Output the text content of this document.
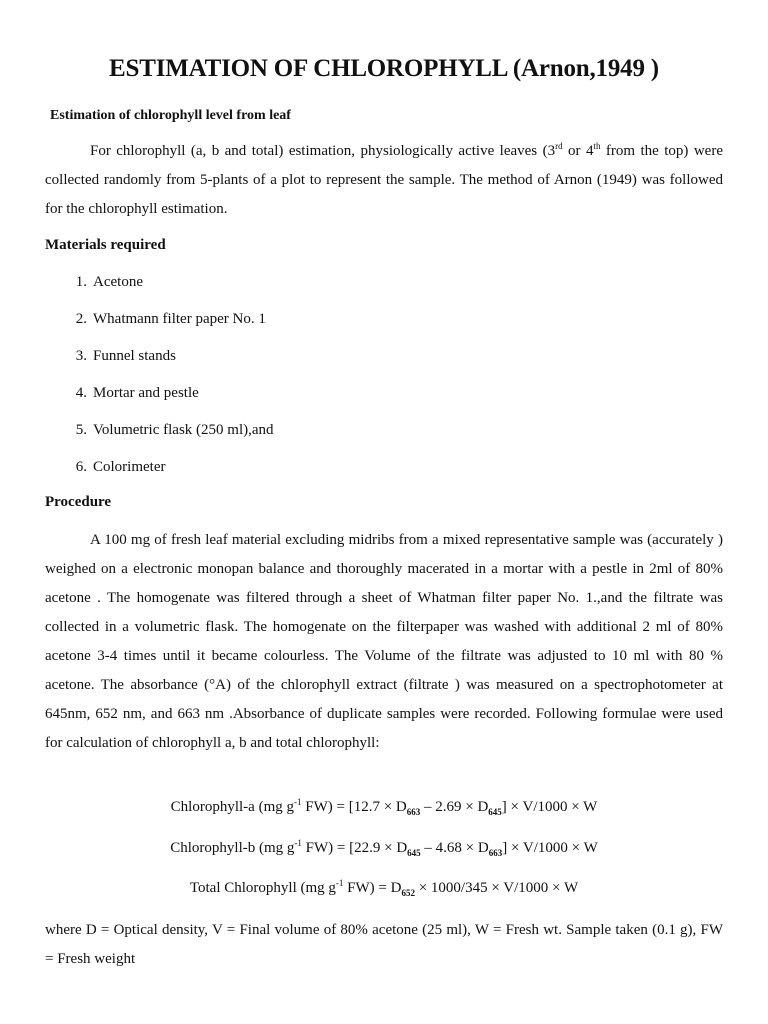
ESTIMATION OF CHLOROPHYLL (Arnon,1949 )
Estimation of chlorophyll level from leaf
For chlorophyll (a, b and total) estimation, physiologically active leaves (3rd or 4th from the top) were collected randomly from 5-plants of a plot to represent the sample. The method of Arnon (1949) was followed for the chlorophyll estimation.
Materials required
1. Acetone
2. Whatmann filter paper No. 1
3. Funnel stands
4. Mortar and pestle
5. Volumetric flask (250 ml),and
6. Colorimeter
Procedure
A 100 mg of fresh leaf material excluding midribs from a mixed representative sample was (accurately ) weighed on a electronic monopan balance and thoroughly macerated in a mortar with a pestle in 2ml of 80% acetone . The homogenate was filtered through a sheet of Whatman filter paper No. 1.,and the filtrate was collected in a volumetric flask. The homogenate on the filterpaper was washed with additional 2 ml of 80% acetone 3-4 times until it became colourless. The Volume of the filtrate was adjusted to 10 ml with 80 % acetone. The absorbance (°A) of the chlorophyll extract (filtrate ) was measured on a spectrophotometer at 645nm, 652 nm, and 663 nm .Absorbance of duplicate samples were recorded. Following formulae were used for calculation of chlorophyll a, b and total chlorophyll:
Chlorophyll-a (mg $g^{-1}$ $FW) = [12.7 \times D_{663} - 2.69 \times D_{645}] \times V/1000 \times W$
Chlorophyll-b (mg $g^{-1}$ $FW) = [22.9 \times D_{645} - 4.68 \times D_{663}] \times V/1000 \times W$
Total Chlorophyll (mg $g^{-1}$ $FW) = D_{652} \times 1000/345 \times V/1000 \times W$
where D = Optical density, V = Final volume of 80% acetone (25 ml), W = Fresh wt. Sample taken (0.1 g), FW = Fresh weight
